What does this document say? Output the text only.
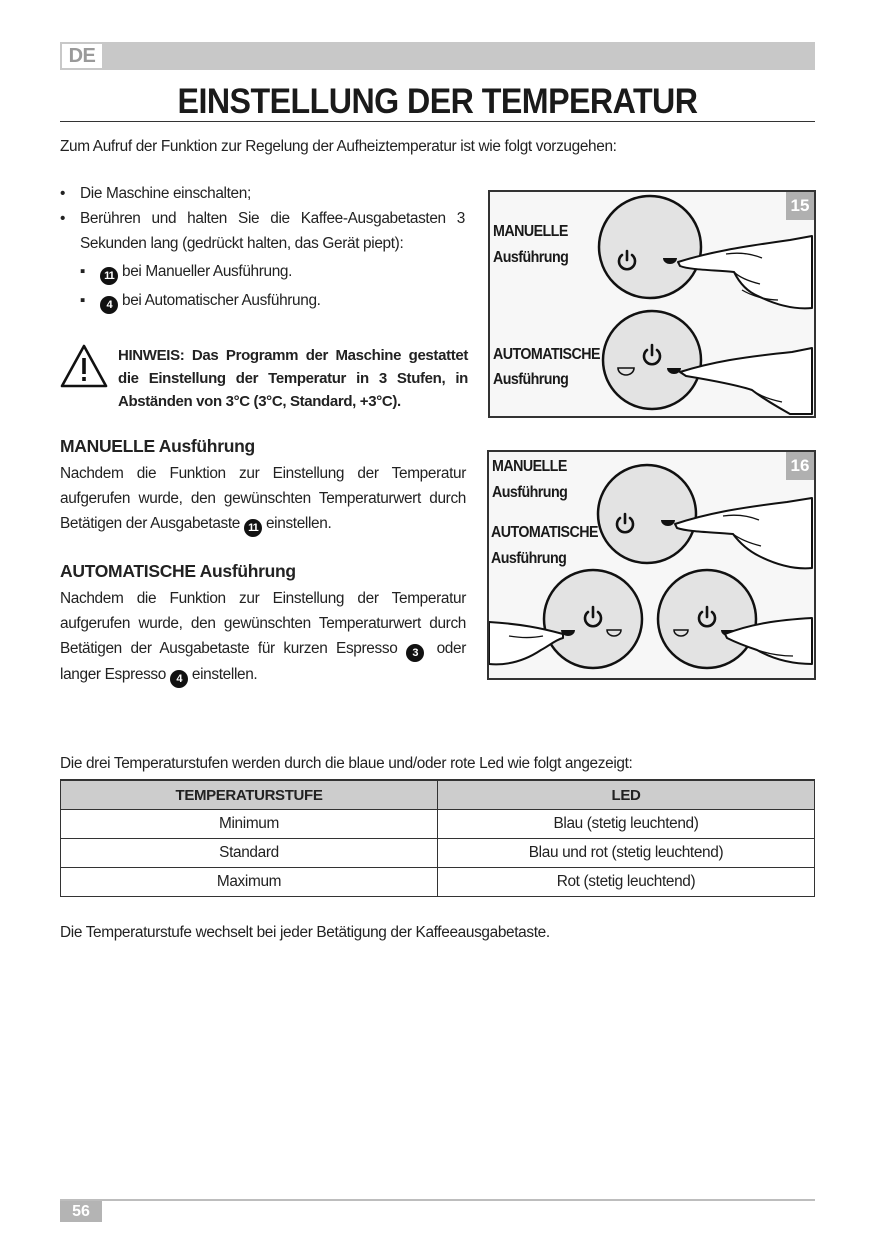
DE
EINSTELLUNG DER TEMPERATUR
Zum Aufruf der Funktion zur Regelung der Aufheiztemperatur ist wie folgt vorzugehen:
• Die Maschine einschalten;
• Berühren und halten Sie die Kaffee-Ausgabetasten 3 Sekunden lang (gedrückt halten, das Gerät piept):
▪ 11 bei Manueller Ausführung.
▪ 4 bei Automatischer Ausführung.
HINWEIS: Das Programm der Maschine gestattet die Einstellung der Temperatur in 3 Stufen, in Abständen von 3°C (3°C, Standard, +3°C).
MANUELLE Ausführung
Nachdem die Funktion zur Einstellung der Temperatur aufgerufen wurde, den gewünschten Temperaturwert durch Betätigen der Ausgabetaste 11 einstellen.
AUTOMATISCHE Ausführung
Nachdem die Funktion zur Einstellung der Temperatur aufgerufen wurde, den gewünschten Temperaturwert durch Betätigen der Ausgabetaste für kurzen Espresso 3 oder langer Espresso 4 einstellen.
15
MANUELLE
Ausführung
AUTOMATISCHE
Ausführung
16
MANUELLE
Ausführung
AUTOMATISCHE
Ausführung
Die drei Temperaturstufen werden durch die blaue und/oder rote Led wie folgt angezeigt:
TEMPERATURSTUFE	LED
Minimum	Blau (stetig leuchtend)
Standard	Blau und rot (stetig leuchtend)
Maximum	Rot (stetig leuchtend)
Die Temperaturstufe wechselt bei jeder Betätigung der Kaffeeausgabetaste.
56
